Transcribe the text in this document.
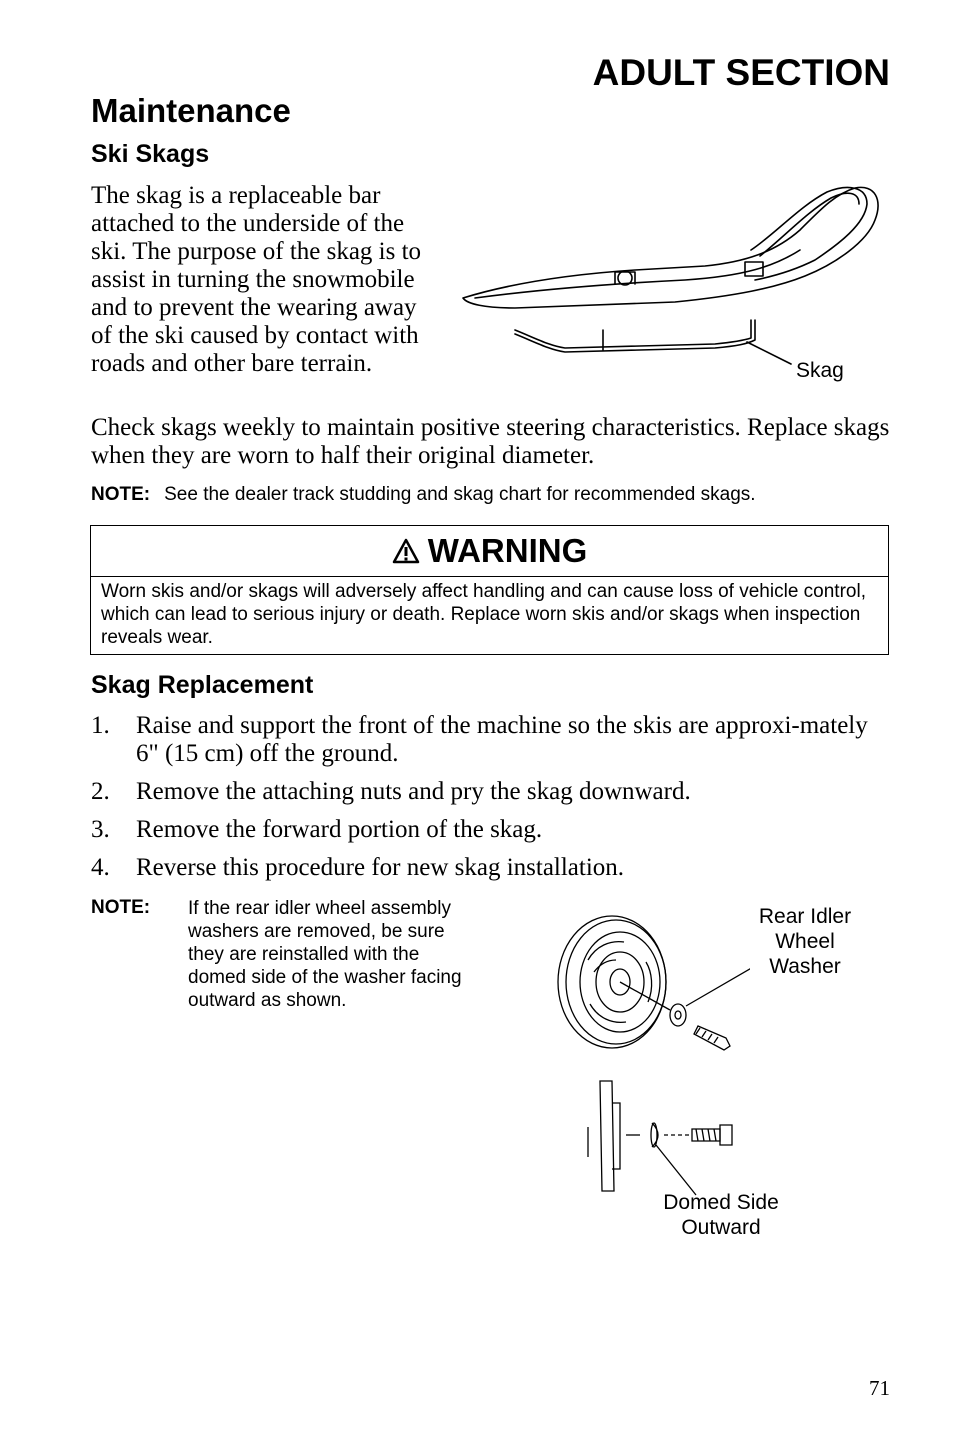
ADULT SECTION
Maintenance
Ski Skags
The skag is a replaceable bar attached to the underside of the ski. The purpose of the skag is to assist in turning the snowmobile and to prevent the wearing away of the ski caused by contact with roads and other bare terrain.	Skag
Check skags weekly to maintain positive steering characteristics. Replace skags when they are worn to half their original diameter.
NOTE: See the dealer track studding and skag chart for recommended skags.
WARNING
Worn skis and/or skags will adversely affect handling and can cause loss of vehicle control, which can lead to serious injury or death. Replace worn skis and/or skags when inspection reveals wear.
Skag Replacement
1.	Raise and support the front of the machine so the skis are approxi-mately 6" (15 cm) off the ground.
2.	Remove the attaching nuts and pry the skag downward.
3.	Remove the forward portion of the skag.
4.	Reverse this procedure for new skag installation.
NOTE: If the rear idler wheel assembly washers are removed, be sure they are reinstalled with the domed side of the washer facing outward as shown.
Rear Idler Wheel Washer
Domed Side Outward
71
